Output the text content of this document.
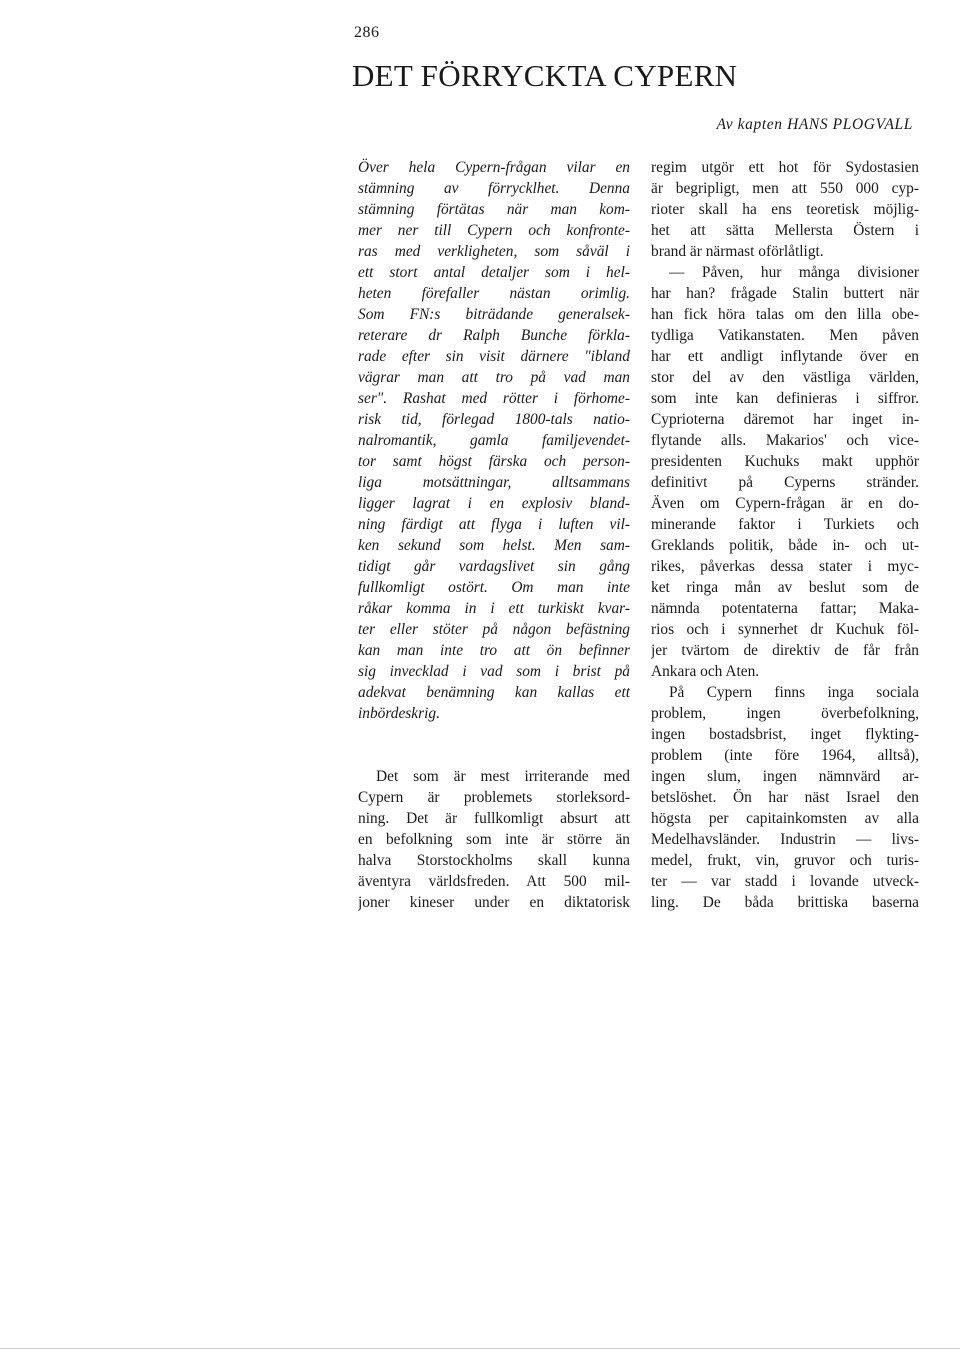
286
DET FÖRRYCKTA CYPERN
Av kapten HANS PLOGVALL
Över hela Cypern-frågan vilar en
stämning av förrycklhet. Denna
stämning förtätas när man kom-
mer ner till Cypern och konfronte-
ras med verkligheten, som såväl i
ett stort antal detaljer som i hel-
heten förefaller nästan orimlig.
Som FN:s biträdande generalsek-
reterare dr Ralph Bunche förkla-
rade efter sin visit därnere "ibland
vägrar man att tro på vad man
ser". Rashat med rötter i förhome-
risk tid, förlegad 1800-tals natio-
nalromantik, gamla familjevendet-
tor samt högst färska och person-
liga motsättningar, alltsammans
ligger lagrat i en explosiv bland-
ning färdigt att flyga i luften vil-
ken sekund som helst. Men sam-
tidigt går vardagslivet sin gång
fullkomligt ostört. Om man inte
råkar komma in i ett turkiskt kvar-
ter eller stöter på någon befästning
kan man inte tro att ön befinner
sig invecklad i vad som i brist på
adekvat benämning kan kallas ett
inbördeskrig.
Det som är mest irriterande med
Cypern är problemets storleksord-
ning. Det är fullkomligt absurt att
en befolkning som inte är större än
halva Storstockholms skall kunna
äventyra världsfreden. Att 500 mil-
joner kineser under en diktatorisk
regim utgör ett hot för Sydostasien
är begripligt, men att 550 000 cyp-
rioter skall ha ens teoretisk möjlig-
het att sätta Mellersta Östern i
brand är närmast oförlåtligt.
— Påven, hur många divisioner
har han? frågade Stalin buttert när
han fick höra talas om den lilla obe-
tydliga Vatikanstaten. Men påven
har ett andligt inflytande över en
stor del av den västliga världen,
som inte kan definieras i siffror.
Cyprioterna däremot har inget in-
flytande alls. Makarios' och vice-
presidenten Kuchuks makt upphör
definitivt på Cyperns stränder.
Även om Cypern-frågan är en do-
minerande faktor i Turkiets och
Greklands politik, både in- och ut-
rikes, påverkas dessa stater i myc-
ket ringa mån av beslut som de
nämnda potentaterna fattar; Maka-
rios och i synnerhet dr Kuchuk föl-
jer tvärtom de direktiv de får från
Ankara och Aten.
På Cypern finns inga sociala
problem, ingen överbefolkning,
ingen bostadsbrist, inget flykting-
problem (inte före 1964, alltså),
ingen slum, ingen nämnvärd ar-
betslöshet. Ön har näst Israel den
högsta per capitainkomsten av alla
Medelhavsländer. Industrin — livs-
medel, frukt, vin, gruvor och turis-
ter — var stadd i lovande utveck-
ling. De båda brittiska baserna
